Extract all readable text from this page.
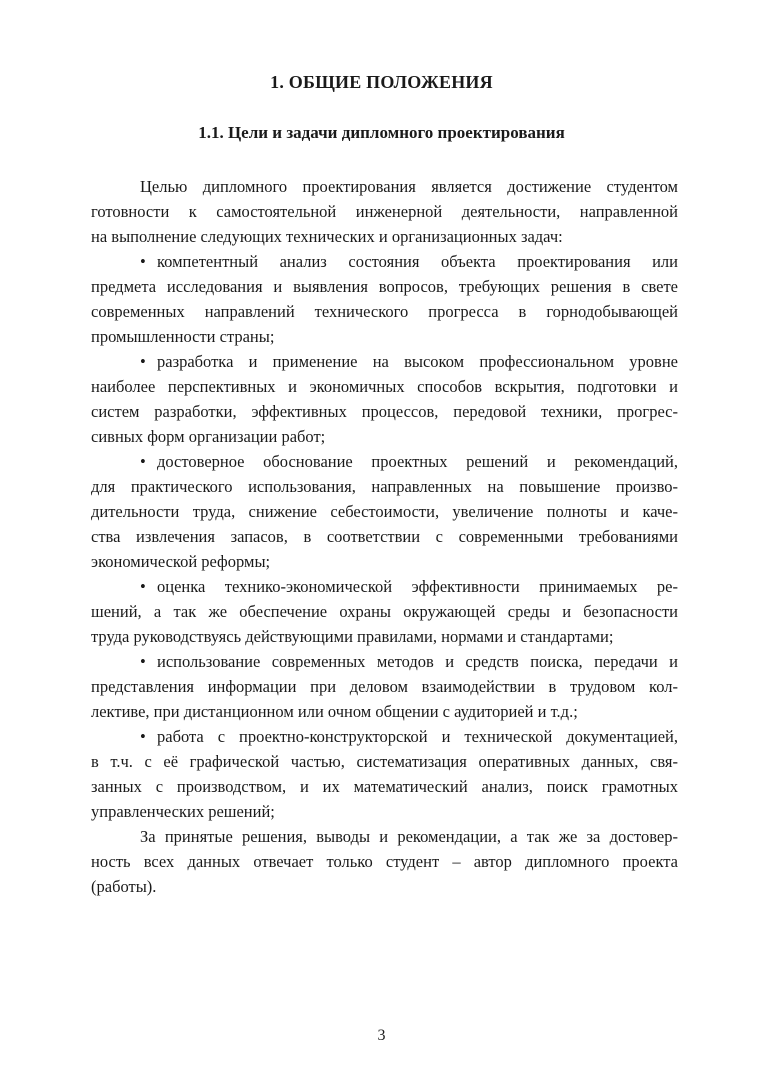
1. ОБЩИЕ ПОЛОЖЕНИЯ
1.1. Цели и задачи дипломного проектирования
Целью дипломного проектирования является достижение студентом
готовности к самостоятельной инженерной деятельности, направленной
на выполнение следующих технических и организационных задач:
• компетентный анализ состояния объекта проектирования или
предмета исследования и выявления вопросов, требующих решения в свете
современных направлений технического прогресса в горнодобывающей
промышленности страны;
• разработка и применение на высоком профессиональном уровне
наиболее перспективных и экономичных способов вскрытия, подготовки и
систем разработки, эффективных процессов, передовой техники, прогрес-
сивных форм организации работ;
• достоверное обоснование проектных решений и рекомендаций,
для практического использования, направленных на повышение произво-
дительности труда, снижение себестоимости, увеличение полноты и каче-
ства извлечения запасов, в соответствии с современными требованиями
экономической реформы;
• оценка технико-экономической эффективности принимаемых ре-
шений, а так же обеспечение охраны окружающей среды и безопасности
труда руководствуясь действующими правилами, нормами и стандартами;
• использование современных методов и средств поиска, передачи и
представления информации при деловом взаимодействии в трудовом кол-
лективе, при дистанционном или очном общении с аудиторией и т.д.;
• работа с проектно-конструкторской и технической документацией,
в т.ч. с её графической частью, систематизация оперативных данных, свя-
занных с производством, и их математический анализ, поиск грамотных
управленческих решений;
За принятые решения, выводы и рекомендации, а так же за достовер-
ность всех данных отвечает только студент – автор дипломного проекта
(работы).
3
